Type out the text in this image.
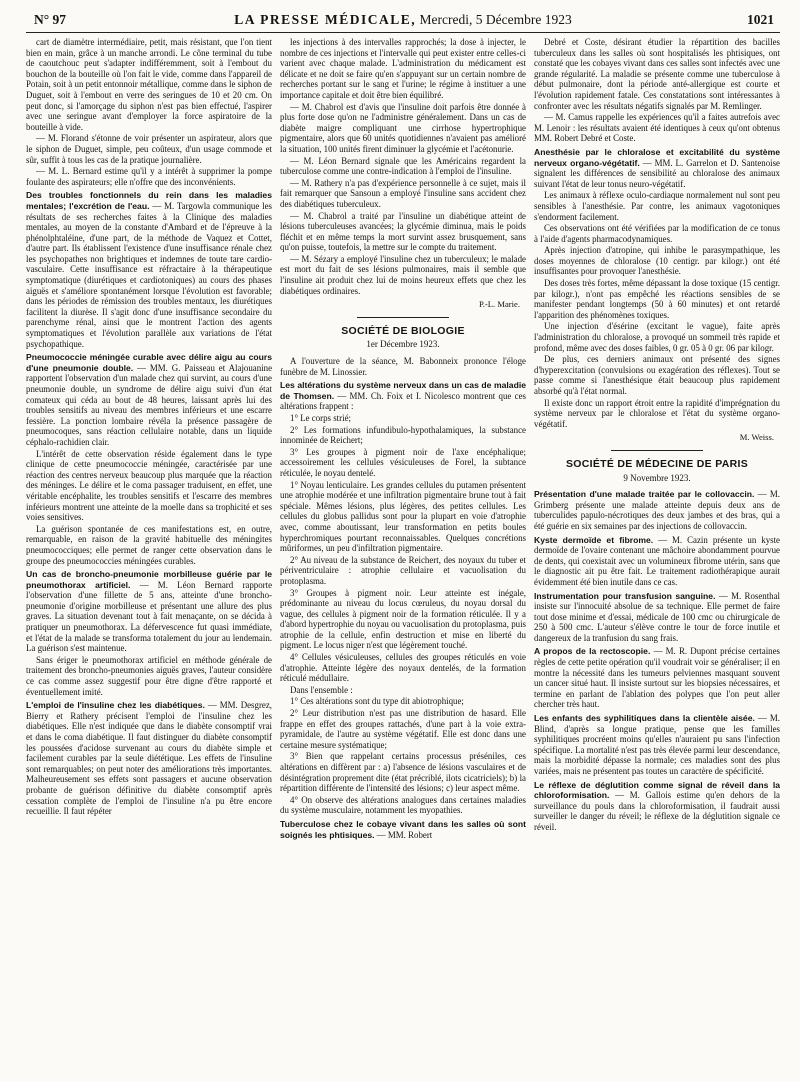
N° 97	LA PRESSE MÉDICALE, Mercredi, 5 Décembre 1923	1021

cart de diamètre intermédiaire, petit, mais résistant, que l'on tient bien en main, grâce à un manche arrondi. Le cône terminal du tube de caoutchouc peut s'adapter indifféremment, soit à l'embout du bouchon de la bouteille où l'on fait le vide, comme dans l'appareil de Potain, soit à un petit entonnoir métallique, comme dans le siphon de Duguet, soit à l'embout en verre des seringues de 10 et 20 cm. On peut donc, si l'amorçage du siphon n'est pas bien effectué, l'aspirer avec une seringue avant d'employer la force aspiratoire de la bouteille à vide.

— M. Florand s'étonne de voir présenter un aspirateur, alors que le siphon de Duguet, simple, peu coûteux, d'un usage commode et sûr, suffit à tous les cas de la pratique journalière.

— M. L. Bernard estime qu'il y a intérêt à supprimer la pompe foulante des aspirateurs; elle n'offre que des inconvénients.

Des troubles fonctionnels du rein dans les maladies mentales; l'excrétion de l'eau. — M. Targowla communique les résultats de ses recherches faites à la Clinique des maladies mentales, au moyen de la constante d'Ambard et de l'épreuve à la phénolphtaléine, d'une part, de la méthode de Vaquez et Cottet, d'autre part. Ils établissent l'existence d'une insuffisance rénale chez les psychopathes non brightiques et indemnes de toute tare cardio-vasculaire. Cette insuffisance est réfractaire à la thérapeutique symptomatique (diurétiques et cardiotoniques) au cours des phases aiguës et s'améliore spontanément lorsque l'évolution est favorable; dans les périodes de rémission des troubles mentaux, les diurétiques facilitent la diurèse. Il s'agit donc d'une insuffisance secondaire du parenchyme rénal, ainsi que le montrent l'action des agents symptomatiques et l'évolution parallèle aux variations de l'état psychopathique.

Pneumococcie méningée curable avec délire aigu au cours d'une pneumonie double. — MM. G. Paisseau et Alajouanine rapportent l'observation d'un malade chez qui survint, au cours d'une pneumonie double, un syndrome de délire aigu suivi d'un état comateux qui céda au bout de 48 heures, laissant après lui des troubles sensitifs au niveau des membres inférieurs et une escarre fessière. La ponction lombaire révéla la présence passagère de pneumocoques, sans réaction cellulaire notable, dans un liquide céphalo-rachidien clair.

L'intérêt de cette observation réside également dans le type clinique de cette pneumococcie méningée, caractérisée par une réaction des centres nerveux beaucoup plus marquée que la réaction des méninges. Le délire et le coma passager traduisent, en effet, une véritable encéphalite, les troubles sensitifs et l'escarre des membres inférieurs montrent une atteinte de la moelle dans sa trophicité et ses voies sensitives.

La guérison spontanée de ces manifestations est, en outre, remarquable, en raison de la gravité habituelle des méningites pneumococciques; elle permet de ranger cette observation dans le groupe des pneumococcies méningées curables.

Un cas de broncho-pneumonie morbilleuse guérie par le pneumothorax artificiel. — M. Léon Bernard rapporte l'observation d'une fillette de 5 ans, atteinte d'une broncho-pneumonie d'origine morbilleuse et présentant une allure des plus graves. La situation devenant tout à fait menaçante, on se décida à pratiquer un pneumothorax. La défervescence fut quasi immédiate, et l'état de la malade se transforma totalement du jour au lendemain. La guérison s'est maintenue.

Sans ériger le pneumothorax artificiel en méthode générale de traitement des broncho-pneumonies aiguës graves, l'auteur considère ce cas comme assez suggestif pour être digne d'être rapporté et éventuellement imité.

L'emploi de l'insuline chez les diabétiques. — MM. Desgrez, Bierry et Rathery précisent l'emploi de l'insuline chez les diabétiques. Elle n'est indiquée que dans le diabète consomptif vrai et dans le coma diabétique. Il faut distinguer du diabète consomptif les poussées d'acidose survenant au cours du diabète simple et facilement curables par la seule diététique. Les effets de l'insuline sont remarquables; on peut noter des améliorations très importantes. Malheureusement ses effets sont passagers et aucune observation probante de guérison définitive du diabète consomptif après cessation complète de l'emploi de l'insuline n'a pu être encore recueillie. Il faut répéter

les injections à des intervalles rapprochés; la dose à injecter, le nombre de ces injections et l'intervalle qui peut exister entre celles-ci varient avec chaque malade. L'administration du médicament est délicate et ne doit se faire qu'en s'appuyant sur un certain nombre de recherches portant sur le sang et l'urine; le régime à instituer a une importance capitale et doit être bien équilibré.

— M. Chabrol est d'avis que l'insuline doit parfois être donnée à plus forte dose qu'on ne l'administre généralement. Dans un cas de diabète maigre compliquant une cirrhose hypertrophique pigmentaire, alors que 60 unités quotidiennes n'avaient pas amélioré la situation, 100 unités firent diminuer la glycémie et l'acétonurie.

— M. Léon Bernard signale que les Américains regardent la tuberculose comme une contre-indication à l'emploi de l'insuline.

— M. Rathery n'a pas d'expérience personnelle à ce sujet, mais il fait remarquer que Sansoun a employé l'insuline sans accident chez des diabétiques tuberculeux.

— M. Chabrol a traité par l'insuline un diabétique atteint de lésions tuberculeuses avancées; la glycémie diminua, mais le poids fléchit et en même temps la mort survint assez brusquement, sans qu'on puisse, toutefois, la mettre sur le compte du traitement.

— M. Sézary a employé l'insuline chez un tuberculeux; le malade est mort du fait de ses lésions pulmonaires, mais il semble que l'insuline ait produit chez lui de moins heureux effets que chez les diabétiques ordinaires.

P.-L. Marie.
SOCIÉTÉ DE BIOLOGIE
1er Décembre 1923.

A l'ouverture de la séance, M. Babonneix prononce l'éloge funèbre de M. Linossier.

Les altérations du système nerveux dans un cas de maladie de Thomsen. — MM. Ch. Foix et I. Nicolesco montrent que ces altérations frappent :

1° Le corps strié;

2° Les formations infundibulo-hypothalamiques, la substance innominée de Reichert;

3° Les groupes à pigment noir de l'axe encéphalique; accessoirement les cellules vésiculeuses de Forel, la subtance réticulée, le noyau dentelé.

1° Noyau lenticulaire. Les grandes cellules du putamen présentent une atrophie modérée et une infiltration pigmentaire brune tout à fait spéciale. Mêmes lésions, plus légères, des petites cellules. Les cellules du globus pallidus sont pour la plupart en voie d'atrophie avec, comme aboutissant, leur transformation en petits boules hyperchromiques pourtant reconnaissables. Quelques concrétions mûriformes, un peu d'infiltration pigmentaire.

2° Au niveau de la substance de Reichert, des noyaux du tuber et périventriculaire : atrophie cellulaire et vacuolisation du protoplasma.

3° Groupes à pigment noir. Leur atteinte est inégale, prédominante au niveau du locus cœruleus, du noyau dorsal du vague, des cellules à pigment noir de la formation réticulée. Il y a d'abord hypertrophie du noyau ou vacuolisation du protoplasma, puis atrophie de la cellule, enfin destruction et mise en liberté du pigment. Le locus niger n'est que légèrement touché.

4° Cellules vésiculeuses, cellules des groupes réticulés en voie d'atrophie. Atteinte légère des noyaux dentelés, de la formation réticulé médullaire.

Dans l'ensemble :

1° Ces altérations sont du type dit abiotrophique;

2° Leur distribution n'est pas une distribution de hasard. Elle frappe en effet des groupes rattachés, d'une part à la voie extra-pyramidale, de l'autre au système végétatif. Elle est donc dans une certaine mesure systématique;

3° Bien que rappelant certains processus préséniles, ces altérations en diffèrent par : a) l'absence de lésions vasculaires et de désintégration proprement dite (état précriblé, ilots cicatriciels); b) la répartition différente de l'intensité des lésions; c) leur aspect même.

4° On observe des altérations analogues dans certaines maladies du système musculaire, notamment les myopathies.

Tuberculose chez le cobaye vivant dans les salles où sont soignés les phtisiques. — MM. Robert

Debré et Coste, désirant étudier la répartition des bacilles tuberculeux dans les salles où sont hospitalisés les phtisiques, ont constaté que les cobayes vivant dans ces salles sont infectés avec une grande régularité. La maladie se présente comme une tuberculose à début pulmonaire, dont la période anté-allergique est courte et l'évolution rapidement fatale. Ces constatations sont intéressantes à confronter avec les résultats négatifs signalés par M. Remlinger.

— M. Camus rappelle les expériences qu'il a faites autrefois avec M. Lenoir : les résultats avaient été identiques à ceux qu'ont obtenus MM. Robert Debré et Coste.

Anesthésie par le chloralose et excitabilité du système nerveux organo-végétatif. — MM. L. Garrelon et D. Santenoise signalent les différences de sensibilité au chloralose des animaux suivant l'état de leur tonus neuro-végétatif.

Les animaux à réflexe oculo-cardiaque normalement nul sont peu sensibles à l'anesthésie. Par contre, les animaux vagotoniques s'endorment facilement.

Ces observations ont été vérifiées par la modification de ce tonus à l'aide d'agents pharmacodynamiques.

Après injection d'atropine, qui inhibe le parasympathique, les doses moyennes de chloralose (10 centigr. par kilogr.) ont été insuffisantes pour provoquer l'anesthésie.

Des doses très fortes, même dépassant la dose toxique (15 centigr. par kilogr.), n'ont pas empêché les réactions sensibles de se manifester pendant longtemps (50 à 60 minutes) et ont retardé l'apparition des phénomènes toxiques.

Une injection d'ésérine (excitant le vague), faite après l'administration du chloralose, a provoqué un sommeil très rapide et profond, même avec des doses faibles, 0 gr. 05 à 0 gr. 06 par kilogr.

De plus, ces derniers animaux ont présenté des signes d'hyperexcitation (convulsions ou exagération des réflexes). Tout se passe comme si l'anesthésique était beaucoup plus rapidement absorbé qu'à l'état normal.

Il existe donc un rapport étroit entre la rapidité d'imprégnation du système nerveux par le chloralose et l'état du système organo-végétatif.

M. Weiss.
SOCIÉTÉ DE MÉDECINE DE PARIS
9 Novembre 1923.

Présentation d'une malade traitée par le collovaccin. — M. Grimberg présente une malade atteinte depuis deux ans de tuberculides papulo-nécrotiques des deux jambes et des bras, qui a été guérie en six semaines par des injections de collovaccin.

Kyste dermoïde et fibrome. — M. Cazin présente un kyste dermoïde de l'ovaire contenant une mâchoire abondamment pourvue de dents, qui coexistait avec un volumineux fibrome utérin, sans que le diagnostic ait pu être fait. Le traitement radiothérapique aurait évidemment été bien inutile dans ce cas.

Instrumentation pour transfusion sanguine. — M. Rosenthal insiste sur l'innocuité absolue de sa technique. Elle permet de faire tout dose minime et d'essai, médicale de 100 cmc ou chirurgicale de 250 à 500 cmc. L'auteur s'élève contre le tour de force inutile et dangereux de la tranfusion du sang frais.

A propos de la rectoscopie. — M. R. Dupont précise certaines règles de cette petite opération qu'il voudrait voir se généraliser; il en montre la nécessité dans les tumeurs pelviennes masquant souvent un cancer situé haut. Il insiste surtout sur les biopsies nécessaires, et termine en parlant de l'ablation des polypes que l'on peut aller chercher très haut.

Les enfants des syphilitiques dans la clientèle aisée. — M. Blind, d'après sa longue pratique, pense que les familles syphilitiques procréent moins qu'elles n'auraient pu sans l'infection spécifique. La mortalité n'est pas très élevée parmi leur descendance, mais la morbidité dépasse la normale; ces maladies sont des plus variées, mais ne présentent pas toutes un caractère de spécificité.

Le réflexe de déglutition comme signal de réveil dans la chloroformisation. — M. Gallois estime qu'en dehors de la surveillance du pouls dans la chloroformisation, il faudrait aussi surveiller le danger du réveil; le réflexe de la déglutition signale ce réveil.
